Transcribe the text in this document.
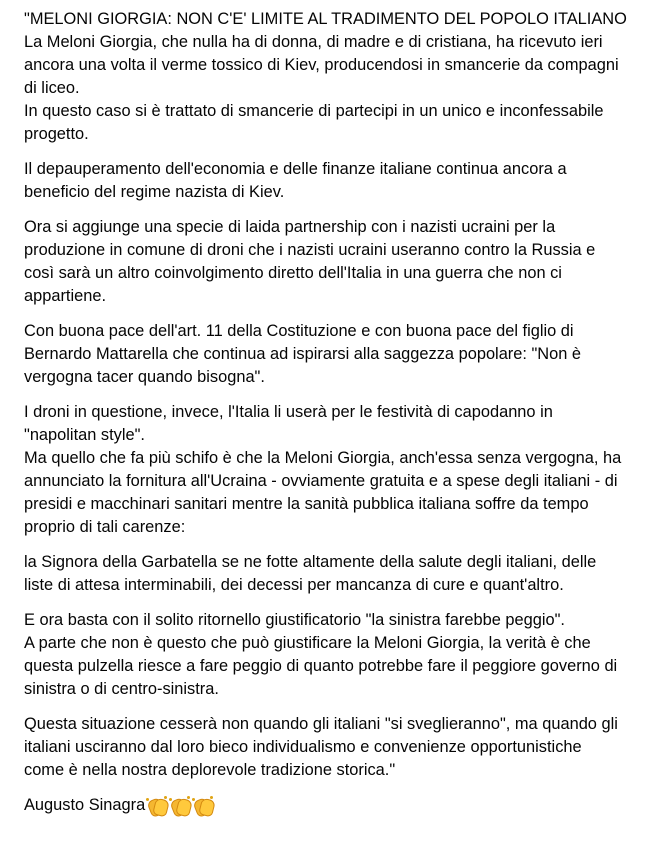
"MELONI GIORGIA: NON C'E' LIMITE AL TRADIMENTO DEL POPOLO ITALIANO
La Meloni Giorgia, che nulla ha di donna, di madre e di cristiana, ha ricevuto ieri
ancora una volta il verme tossico di Kiev, producendosi in smancerie da compagni
di liceo.
In questo caso si è trattato di smancerie di partecipi in un unico e inconfessabile
progetto.

Il depauperamento dell'economia e delle finanze italiane continua ancora a
beneficio del regime nazista di Kiev.

Ora si aggiunge una specie di laida partnership con i nazisti ucraini per la
produzione in comune di droni che i nazisti ucraini useranno contro la Russia e
così sarà un altro coinvolgimento diretto dell'Italia in una guerra che non ci
appartiene.

Con buona pace dell'art. 11 della Costituzione e con buona pace del figlio di
Bernardo Mattarella che continua ad ispirarsi alla saggezza popolare: "Non è
vergogna tacer quando bisogna".

I droni in questione, invece, l'Italia li userà per le festività di capodanno in
"napolitan style".
Ma quello che fa più schifo è che la Meloni Giorgia, anch'essa senza vergogna, ha
annunciato la fornitura all'Ucraina - ovviamente gratuita e a spese degli italiani - di
presidi e macchinari sanitari mentre la sanità pubblica italiana soffre da tempo
proprio di tali carenze:

la Signora della Garbatella se ne fotte altamente della salute degli italiani, delle
liste di attesa interminabili, dei decessi per mancanza di cure e quant'altro.

E ora basta con il solito ritornello giustificatorio "la sinistra farebbe peggio".
A parte che non è questo che può giustificare la Meloni Giorgia, la verità è che
questa pulzella riesce a fare peggio di quanto potrebbe fare il peggiore governo di
sinistra o di centro-sinistra.

Questa situazione cesserà non quando gli italiani "si sveglieranno", ma quando gli
italiani usciranno dal loro bieco individualismo e convenienze opportunistiche
come è nella nostra deplorevole tradizione storica."

Augusto Sinagra
